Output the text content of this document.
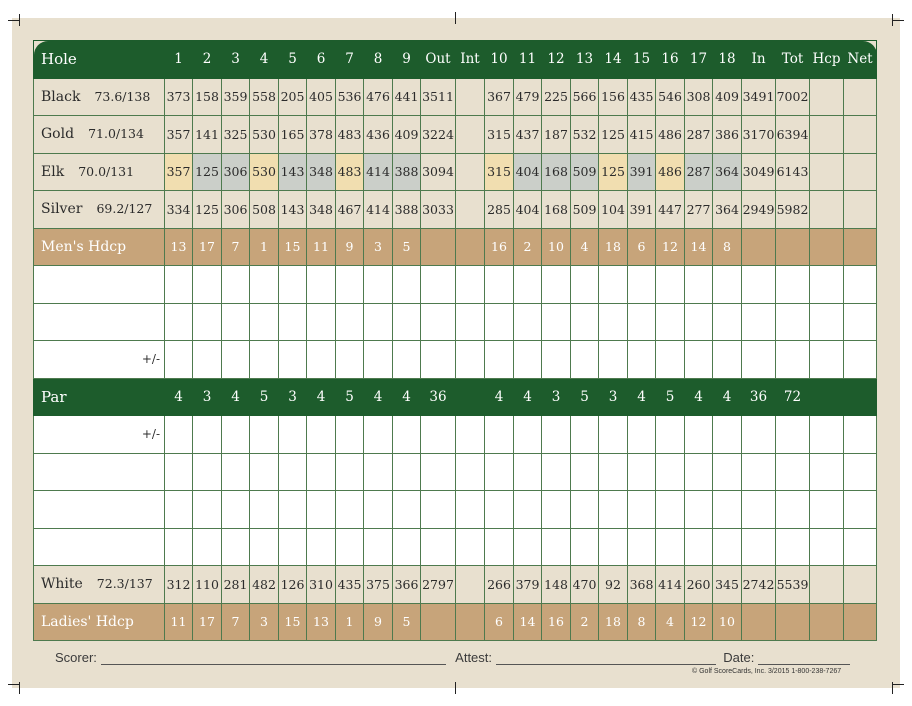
Hole	1	2	3	4	5	6	7	8	9	Out	Int	10	11	12	13	14	15	16	17	18	In	Tot	Hcp	Net
Black 73.6/138	373	158	359	558	205	405	536	476	441	3511		367	479	225	566	156	435	546	308	409	3491	7002		
Gold 71.0/134	357	141	325	530	165	378	483	436	409	3224		315	437	187	532	125	415	486	287	386	3170	6394		
Elk 70.0/131	357	125	306	530	143	348	483	414	388	3094		315	404	168	509	125	391	486	287	364	3049	6143		
Silver 69.2/127	334	125	306	508	143	348	467	414	388	3033		285	404	168	509	104	391	447	277	364	2949	5982		
Men's Hdcp	13	17	7	1	15	11	9	3	5			16	2	10	4	18	6	12	14	8				

+/-																								
Par	4	3	4	5	3	4	5	4	4	36		4	4	3	5	3	4	5	4	4	36	72		
+/-																								

White 72.3/137	312	110	281	482	126	310	435	375	366	2797		266	379	148	470	92	368	414	260	345	2742	5539		
Ladies' Hdcp	11	17	7	3	15	13	1	9	5			6	14	16	2	18	8	4	12	10				
Scorer:	Attest:	Date:
© Golf ScoreCards, Inc. 3/2015 1-800-238-7267
